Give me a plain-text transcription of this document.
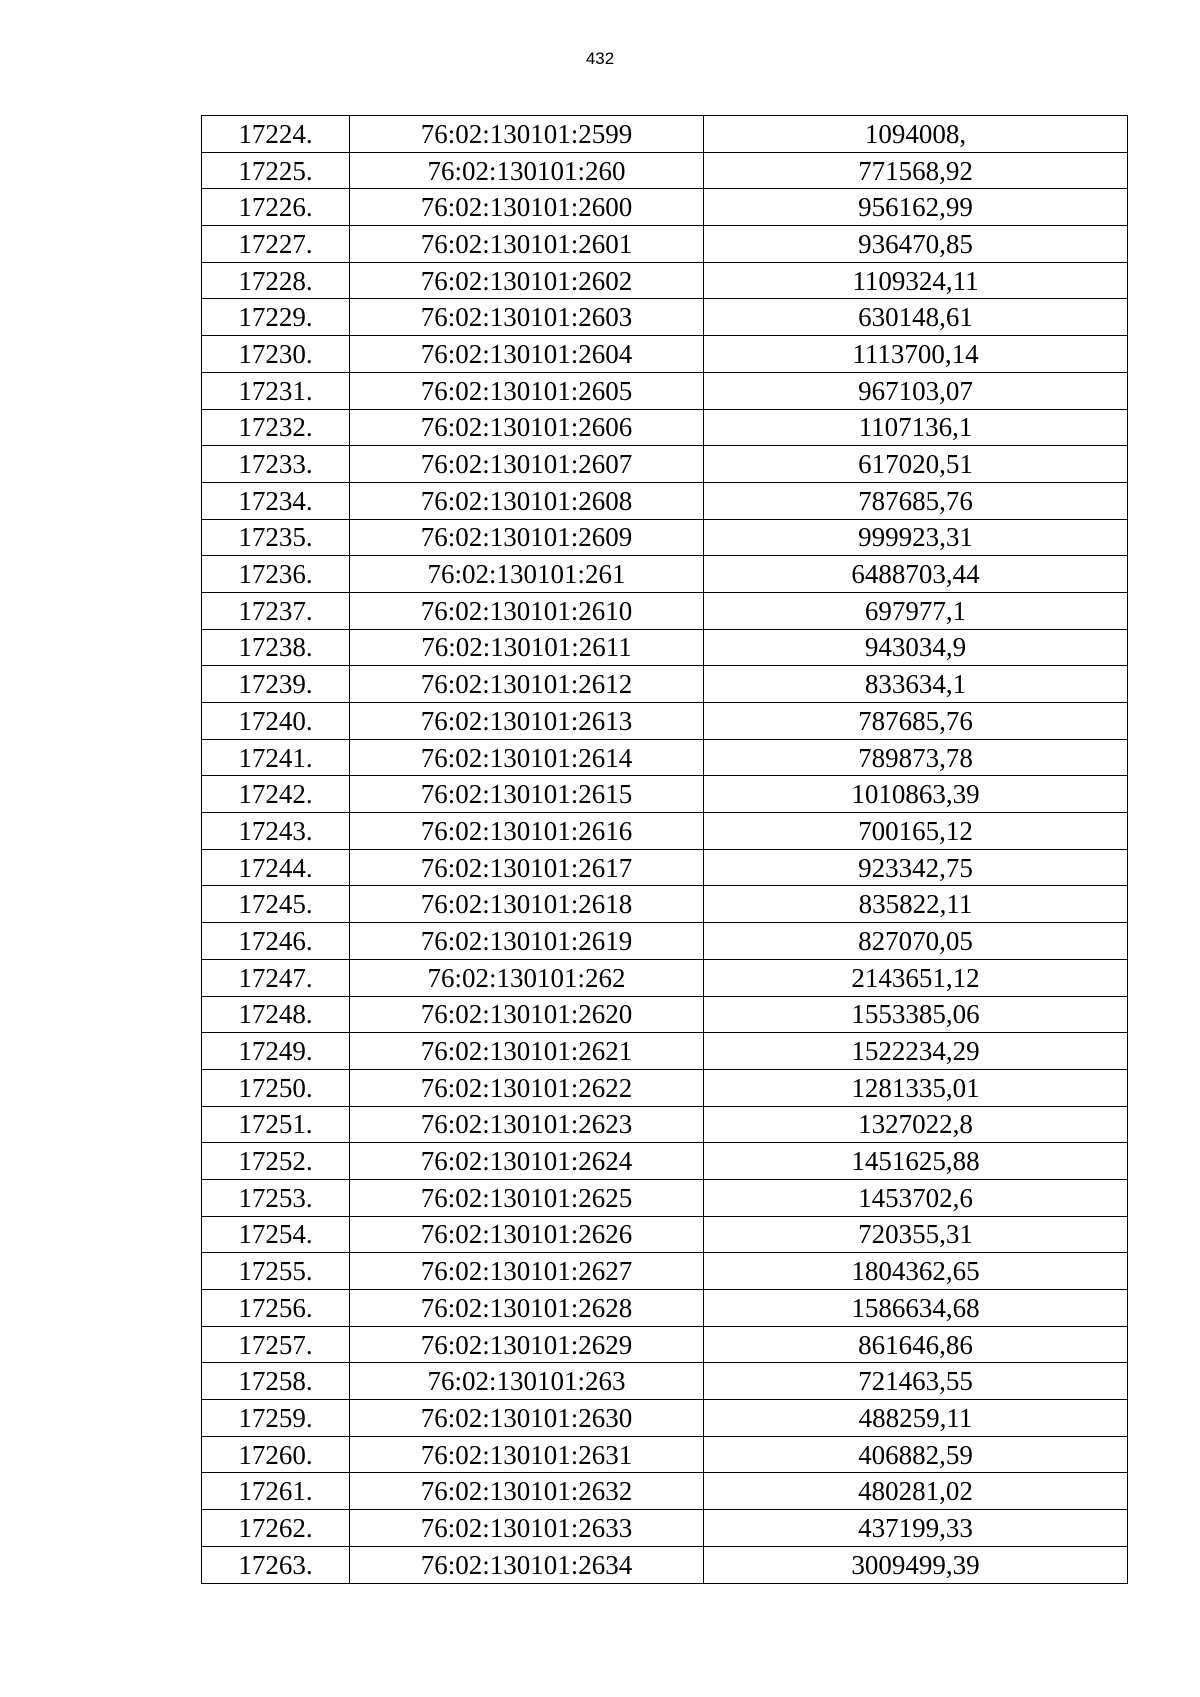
432
17224.	76:02:130101:2599	1094008,
17225.	76:02:130101:260	771568,92
17226.	76:02:130101:2600	956162,99
17227.	76:02:130101:2601	936470,85
17228.	76:02:130101:2602	1109324,11
17229.	76:02:130101:2603	630148,61
17230.	76:02:130101:2604	1113700,14
17231.	76:02:130101:2605	967103,07
17232.	76:02:130101:2606	1107136,1
17233.	76:02:130101:2607	617020,51
17234.	76:02:130101:2608	787685,76
17235.	76:02:130101:2609	999923,31
17236.	76:02:130101:261	6488703,44
17237.	76:02:130101:2610	697977,1
17238.	76:02:130101:2611	943034,9
17239.	76:02:130101:2612	833634,1
17240.	76:02:130101:2613	787685,76
17241.	76:02:130101:2614	789873,78
17242.	76:02:130101:2615	1010863,39
17243.	76:02:130101:2616	700165,12
17244.	76:02:130101:2617	923342,75
17245.	76:02:130101:2618	835822,11
17246.	76:02:130101:2619	827070,05
17247.	76:02:130101:262	2143651,12
17248.	76:02:130101:2620	1553385,06
17249.	76:02:130101:2621	1522234,29
17250.	76:02:130101:2622	1281335,01
17251.	76:02:130101:2623	1327022,8
17252.	76:02:130101:2624	1451625,88
17253.	76:02:130101:2625	1453702,6
17254.	76:02:130101:2626	720355,31
17255.	76:02:130101:2627	1804362,65
17256.	76:02:130101:2628	1586634,68
17257.	76:02:130101:2629	861646,86
17258.	76:02:130101:263	721463,55
17259.	76:02:130101:2630	488259,11
17260.	76:02:130101:2631	406882,59
17261.	76:02:130101:2632	480281,02
17262.	76:02:130101:2633	437199,33
17263.	76:02:130101:2634	3009499,39
